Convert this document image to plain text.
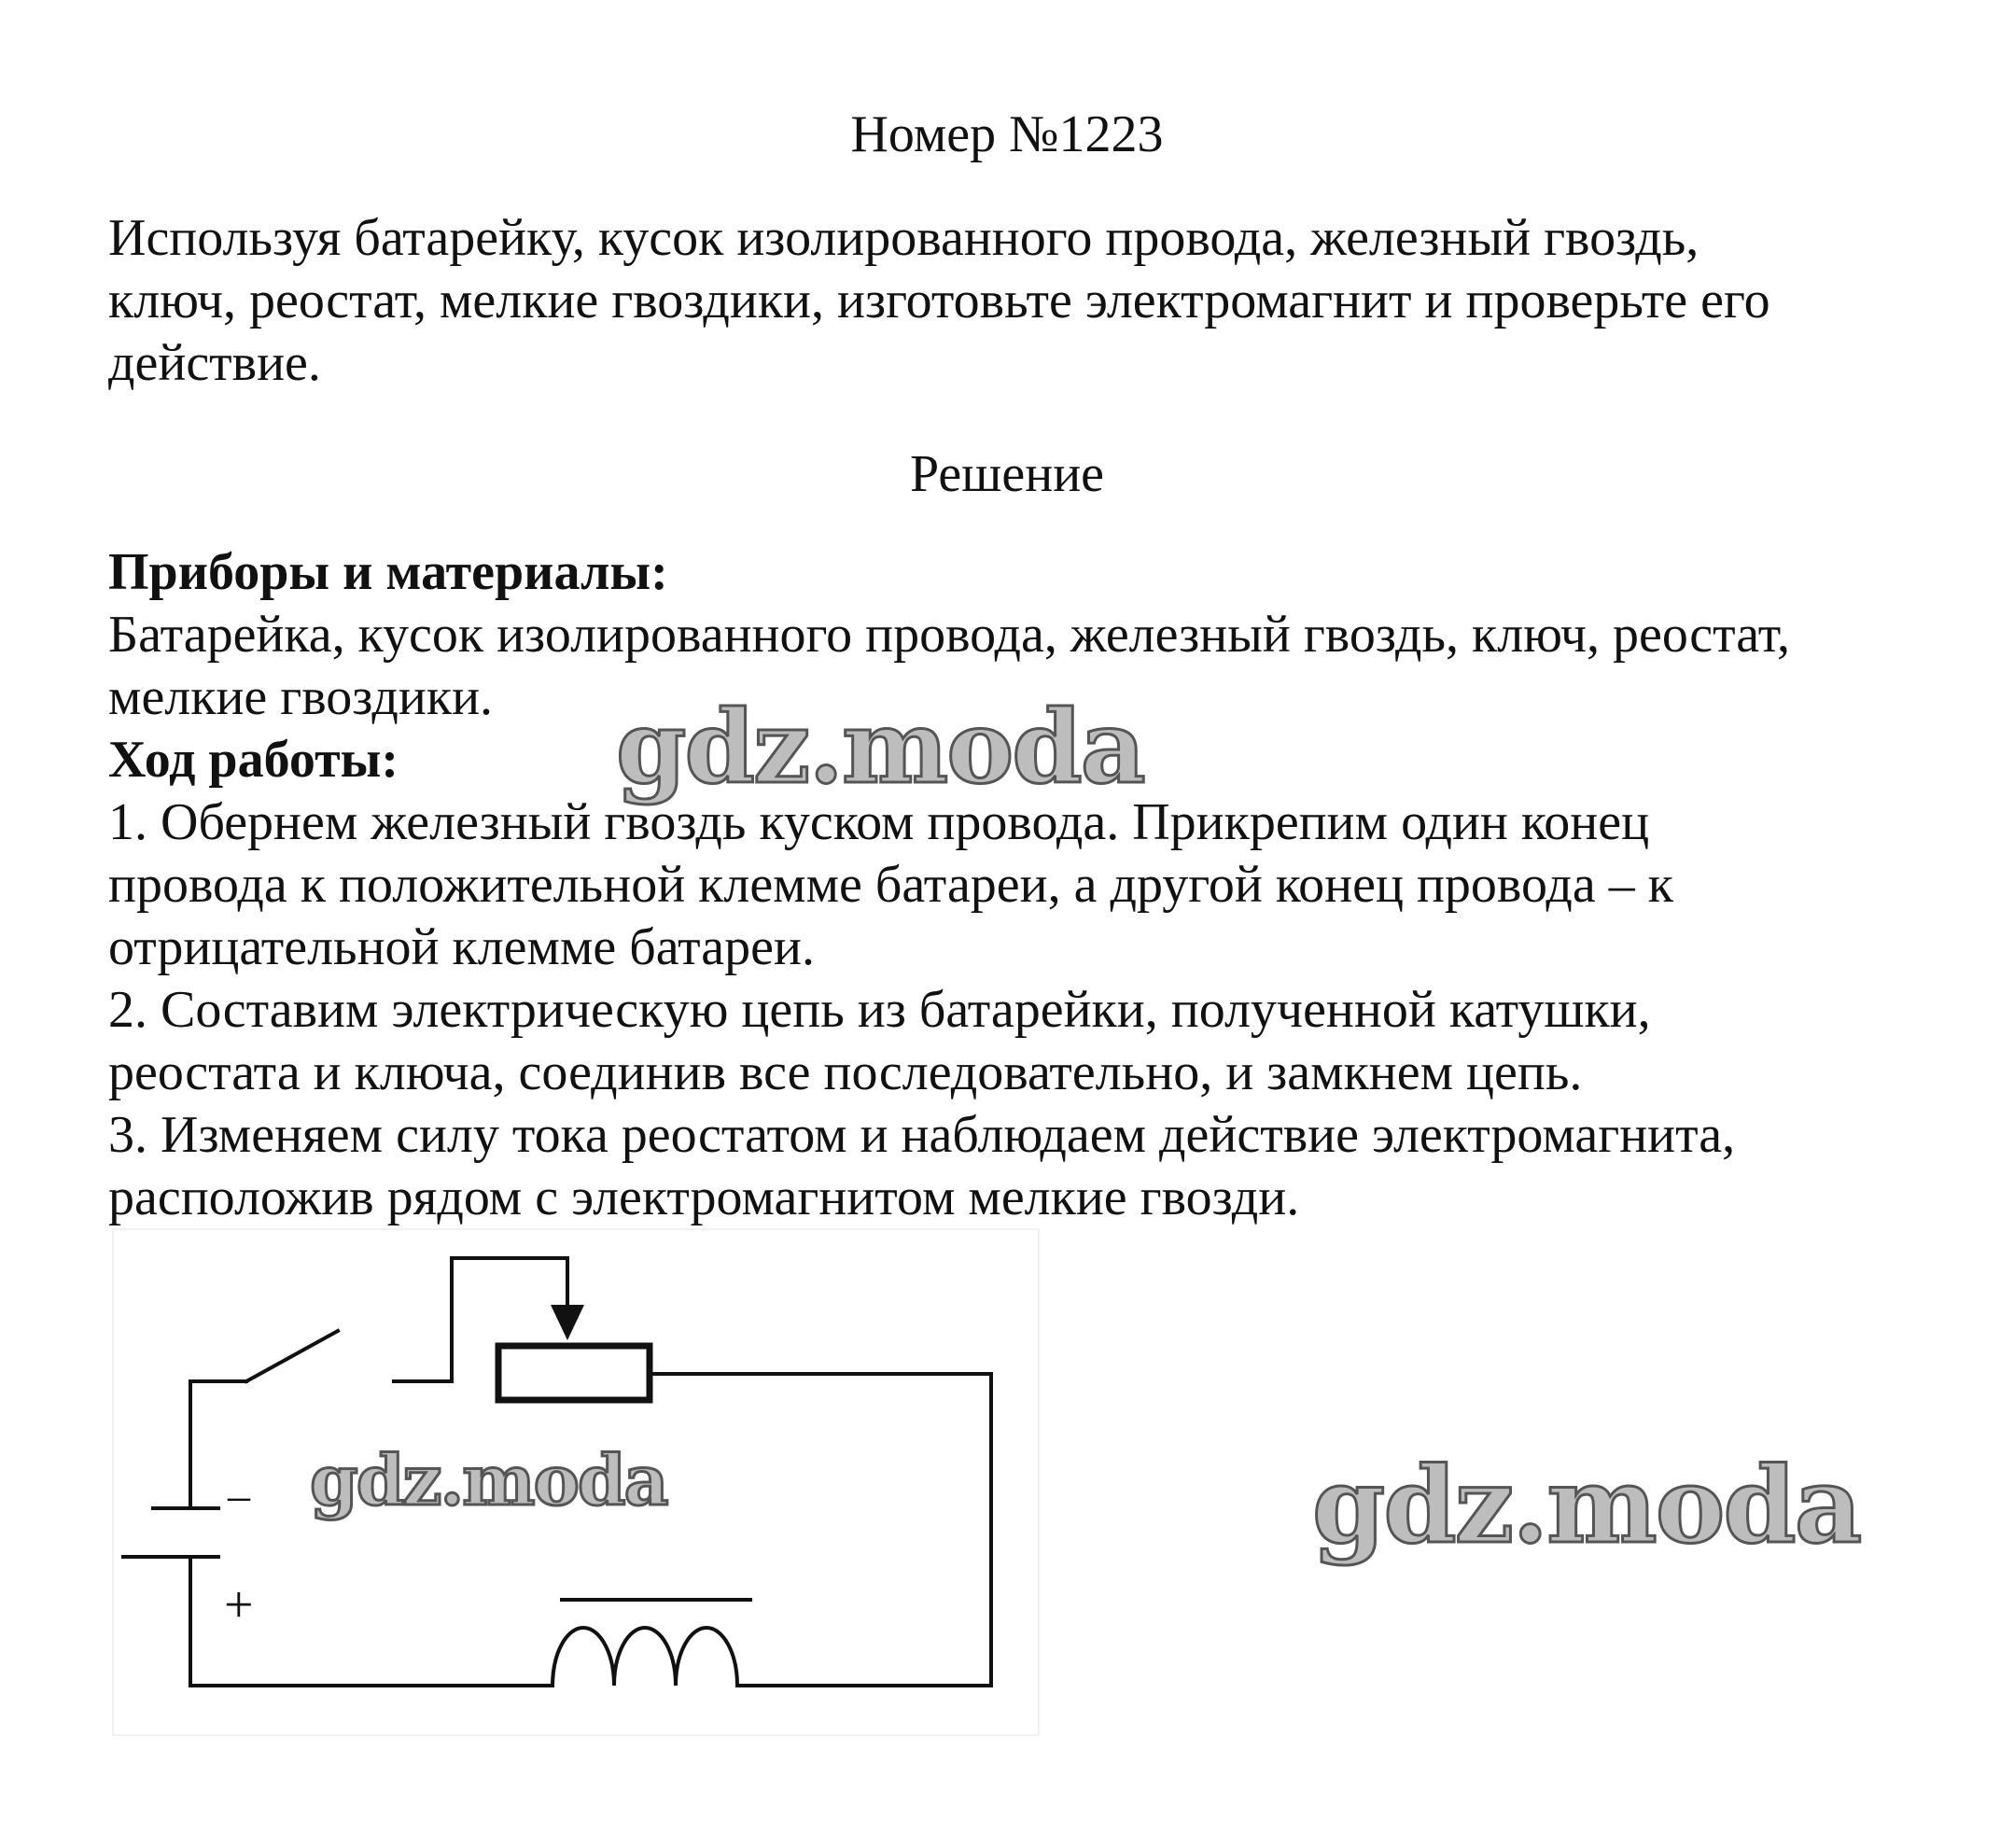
Номер №1223
Используя батарейку, кусок изолированного провода, железный гвоздь,
ключ, реостат, мелкие гвоздики, изготовьте электромагнит и проверьте его
действие.
Решение
Приборы и материалы:
Батарейка, кусок изолированного провода, железный гвоздь, ключ, реостат,
мелкие гвоздики.
Ход работы:
1. Обернем железный гвоздь куском провода. Прикрепим один конец
провода к положительной клемме батареи, а другой конец провода – к
отрицательной клемме батареи.
2. Составим электрическую цепь из батарейки, полученной катушки,
реостата и ключа, соединив все последовательно, и замкнем цепь.
3. Изменяем силу тока реостатом и наблюдаем действие электромагнита,
расположив рядом с электромагнитом мелкие гвозди.
–
+
gdz.moda
gdz.moda
gdz.moda
